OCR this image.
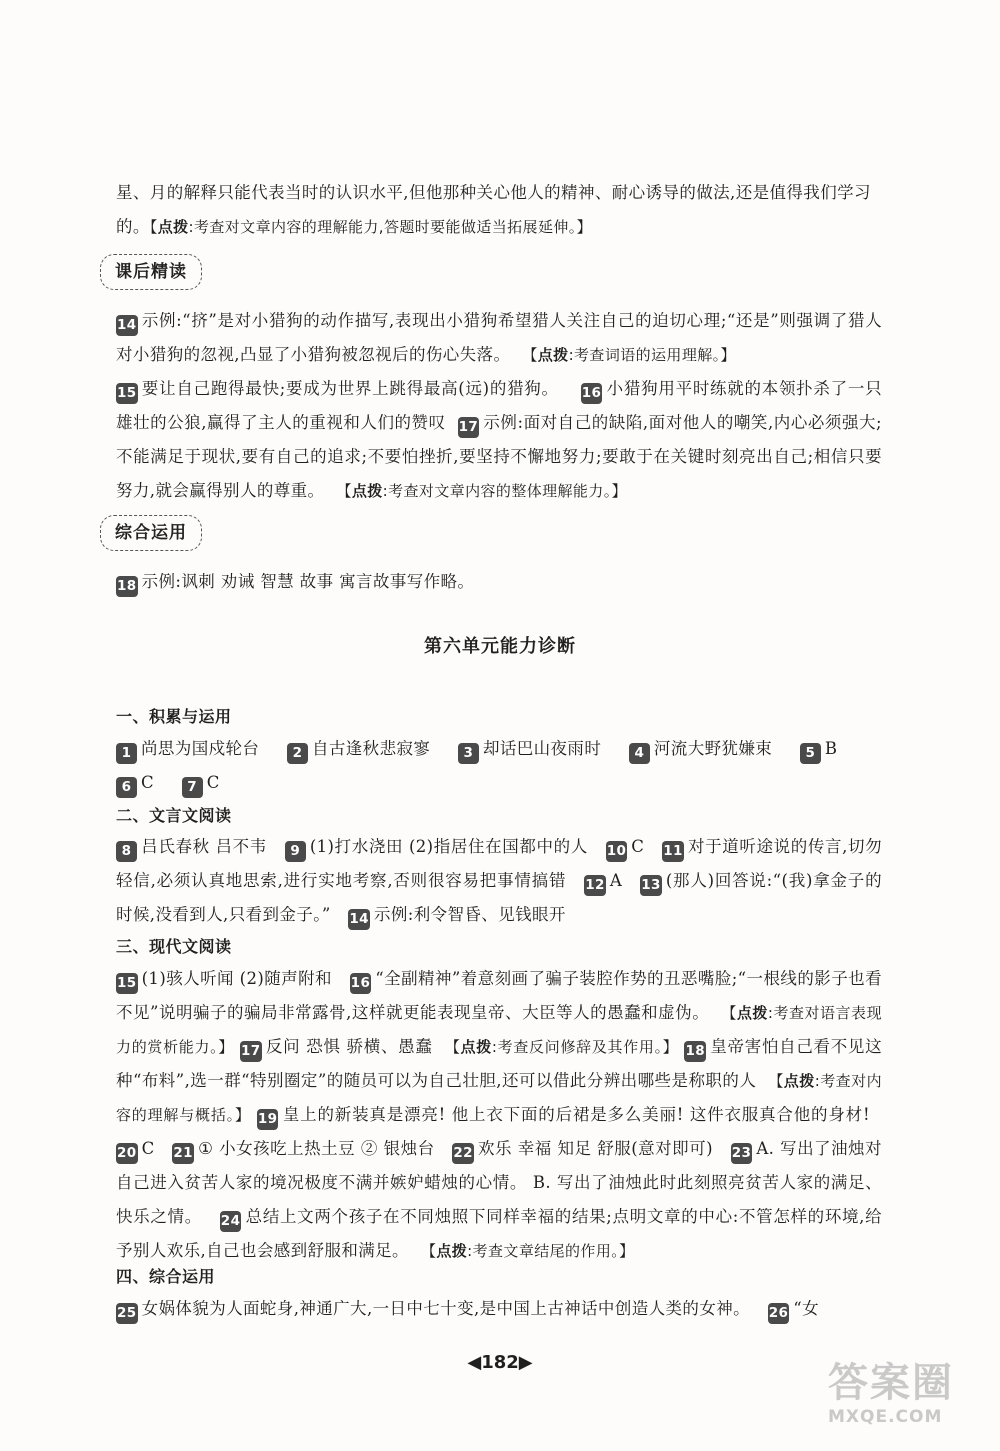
星、月的解释只能代表当时的认识水平,但他那种关心他人的精神、耐心诱导的做法,还是值得我们学习
的。【点拨:考查对文章内容的理解能力,答题时要能做适当拓展延伸。】
课后精读
14 示例:“挤”是对小猎狗的动作描写,表现出小猎狗希望猎人关注自己的迫切心理;“还是”则强调了猎人对小猎狗的忽视,凸显了小猎狗被忽视后的伤心失落。 【点拨:考查词语的运用理解。】
15 要让自己跑得最快;要成为世界上跳得最高(远)的猎狗。 16 小猎狗用平时练就的本领扑杀了一只雄壮的公狼,赢得了主人的重视和人们的赞叹 17 示例:面对自己的缺陷,面对他人的嘲笑,内心必须强大;不能满足于现状,要有自己的追求;不要怕挫折,要坚持不懈地努力;要敢于在关键时刻亮出自己;相信只要努力,就会赢得别人的尊重。 【点拨:考查对文章内容的整体理解能力。】
综合运用
18 示例:讽刺 劝诫 智慧 故事 寓言故事写作略。
第六单元能力诊断
一、积累与运用
1 尚思为国戍轮台 2 自古逢秋悲寂寥 3 却话巴山夜雨时 4 河流大野犹嫌束 5 B
6 C 7 C
二、文言文阅读
8 吕氏春秋 吕不韦 9 (1)打水浇田 (2)指居住在国都中的人 10 C 11 对于道听途说的传言,切勿轻信,必须认真地思索,进行实地考察,否则很容易把事情搞错 12 A 13 (那人)回答说:“(我)拿金子的时候,没看到人,只看到金子。” 14 示例:利令智昏、见钱眼开
三、现代文阅读
15 (1)骇人听闻 (2)随声附和 16 “全副精神”着意刻画了骗子装腔作势的丑恶嘴脸;“一根线的影子也看不见”说明骗子的骗局非常露骨,这样就更能表现皇帝、大臣等人的愚蠢和虚伪。 【点拨:考查对语言表现力的赏析能力。】 17 反问 恐惧 骄横、愚蠢 【点拨:考查反问修辞及其作用。】 18 皇帝害怕自己看不见这种“布料”,选一群“特别圈定”的随员可以为自己壮胆,还可以借此分辨出哪些是称职的人 【点拨:考查对内容的理解与概括。】 19 皇上的新装真是漂亮! 他上衣下面的后裙是多么美丽! 这件衣服真合他的身材! 20 C 21 ① 小女孩吃上热土豆 ② 银烛台 22 欢乐 幸福 知足 舒服(意对即可) 23 A. 写出了油烛对自己进入贫苦人家的境况极度不满并嫉妒蜡烛的心情。 B. 写出了油烛此时此刻照亮贫苦人家的满足、快乐之情。 24 总结上文两个孩子在不同烛照下同样幸福的结果;点明文章的中心:不管怎样的环境,给予别人欢乐,自己也会感到舒服和满足。 【点拨:考查文章结尾的作用。】
四、综合运用
25 女娲体貌为人面蛇身,神通广大,一日中七十变,是中国上古神话中创造人类的女神。 26 “女
◀182▶	答案圈
MXQE.COM
